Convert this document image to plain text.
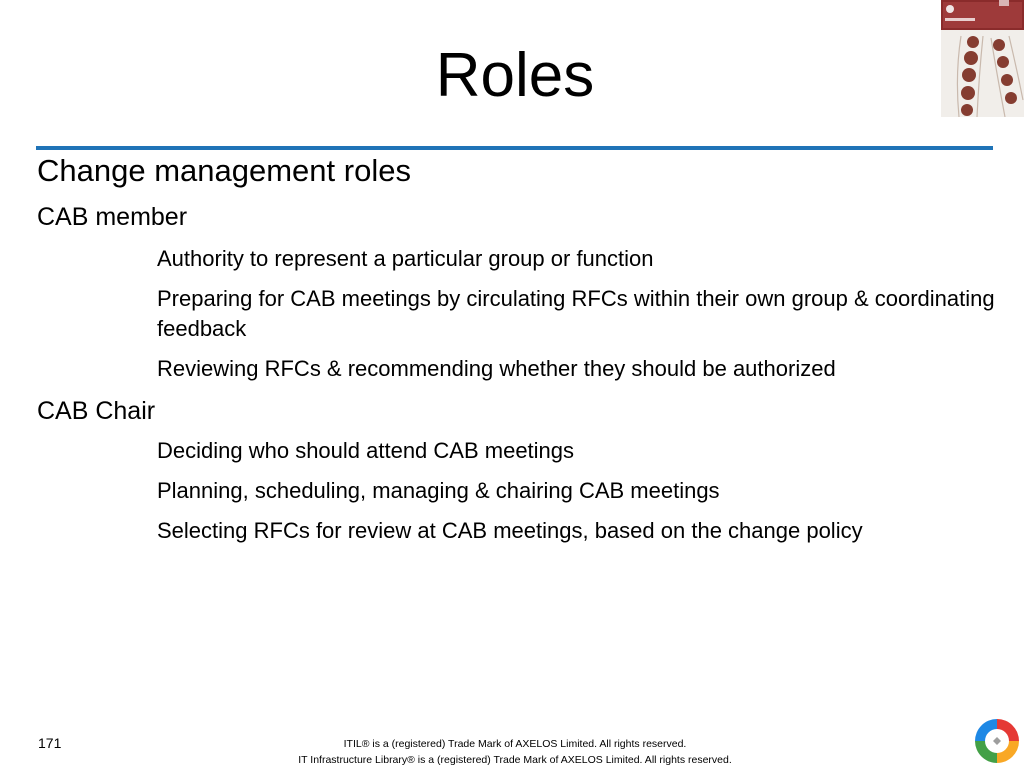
Roles
Change management roles
CAB member
Authority to represent a particular group or function
Preparing for CAB meetings by circulating RFCs within their own group & coordinating feedback
Reviewing RFCs & recommending whether they should be authorized
CAB Chair
Deciding who should attend CAB meetings
Planning, scheduling, managing & chairing CAB meetings
Selecting RFCs for review at CAB meetings, based on the change policy
171	ITIL® is a (registered) Trade Mark of AXELOS Limited. All rights reserved.
IT Infrastructure Library® is a (registered) Trade Mark of AXELOS Limited. All rights reserved.
